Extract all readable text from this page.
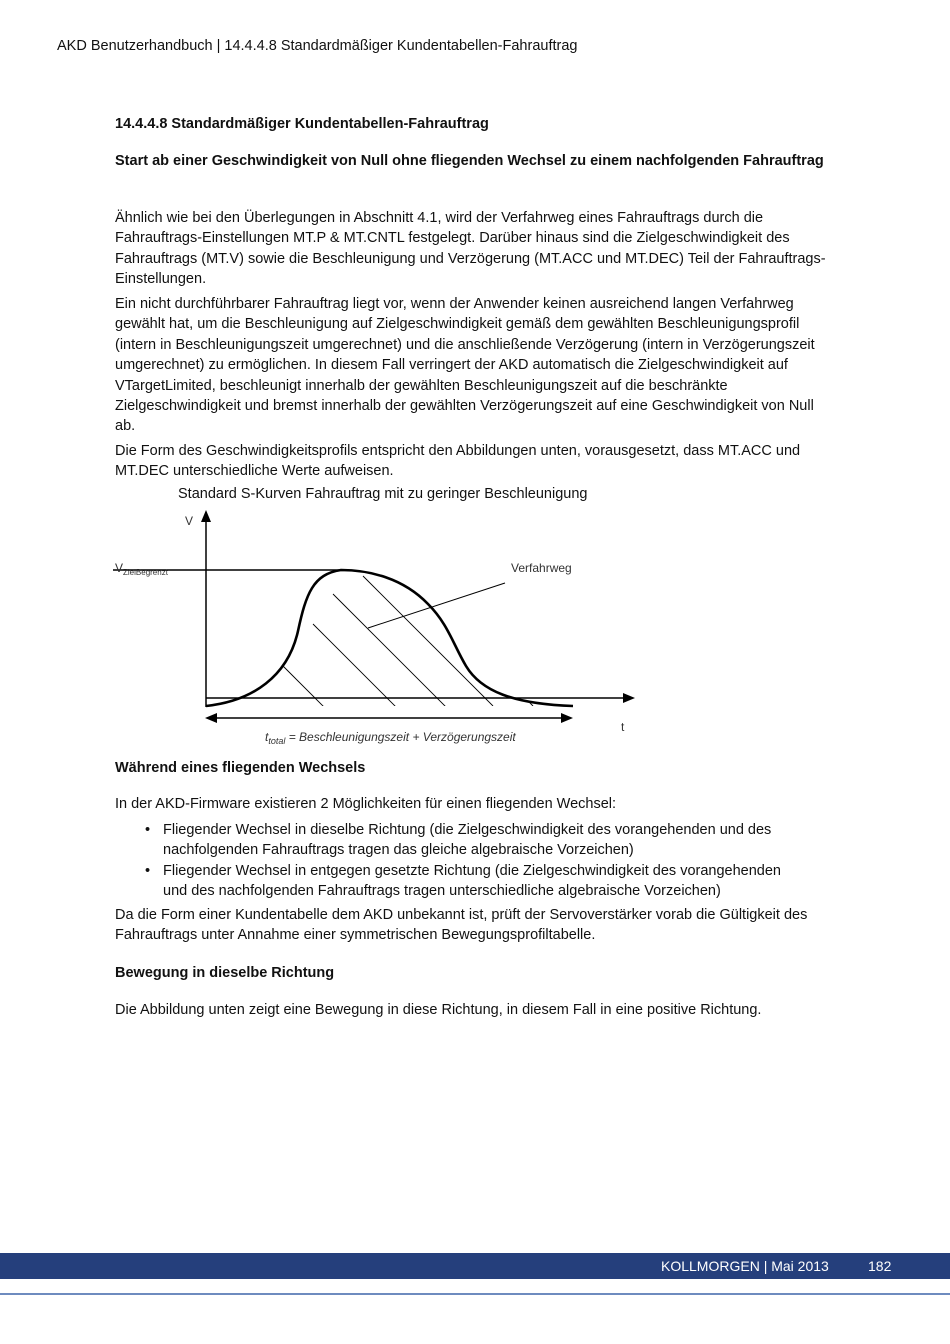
AKD Benutzerhandbuch | 14.4.4.8 Standardmäßiger Kundentabellen-Fahrauftrag
14.4.4.8 Standardmäßiger Kundentabellen-Fahrauftrag
Start ab einer Geschwindigkeit von Null ohne fliegenden Wechsel zu einem nachfolgenden Fahrauftrag

Ähnlich wie bei den Überlegungen in Abschnitt 4.1, wird der Verfahrweg eines Fahrauftrags durch die Fahrauftrags-Einstellungen MT.P & MT.CNTL festgelegt. Darüber hinaus sind die Zielgeschwindigkeit des Fahrauftrags (MT.V) sowie die Beschleunigung und Verzögerung (MT.ACC und MT.DEC) Teil der Fahrauftrags-Einstellungen.

Ein nicht durchführbarer Fahrauftrag liegt vor, wenn der Anwender keinen ausreichend langen Verfahrweg gewählt hat, um die Beschleunigung auf Zielgeschwindigkeit gemäß dem gewählten Beschleunigungsprofil (intern in Beschleunigungszeit umgerechnet) und die anschließende Verzögerung (intern in Verzögerungszeit umgerechnet) zu ermöglichen. In diesem Fall verringert der AKD automatisch die Zielgeschwindigkeit auf VTargetLimited, beschleunigt innerhalb der gewählten Beschleunigungszeit auf die beschränkte Zielgeschwindigkeit und bremst innerhalb der gewählten Verzögerungszeit auf eine Geschwindigkeit von Null ab.

Die Form des Geschwindigkeitsprofils entspricht den Abbildungen unten, vorausgesetzt, dass MT.ACC und MT.DEC unterschiedliche Werte aufweisen.

Standard S-Kurven Fahrauftrag mit zu geringer Beschleunigung
Während eines fliegenden Wechsels

In der AKD-Firmware existieren 2 Möglichkeiten für einen fliegenden Wechsel:

• Fliegender Wechsel in dieselbe Richtung (die Zielgeschwindigkeit des vorangehenden und des nachfolgenden Fahrauftrags tragen das gleiche algebraische Vorzeichen)
• Fliegender Wechsel in entgegen gesetzte Richtung (die Zielgeschwindigkeit des vorangehenden und des nachfolgenden Fahrauftrags tragen unterschiedliche algebraische Vorzeichen)

Da die Form einer Kundentabelle dem AKD unbekannt ist, prüft der Servoverstärker vorab die Gültigkeit des Fahrauftrags unter Annahme einer symmetrischen Bewegungsprofiltabelle.

Bewegung in dieselbe Richtung

Die Abbildung unten zeigt eine Bewegung in diese Richtung, in diesem Fall in eine positive Richtung.

V
t
VZielBegrenzt	Verfahrweg
$t_{total}$ = Beschleunigungszeit + Verzögerungszeit
KOLLMORGEN | Mai 2013	182
